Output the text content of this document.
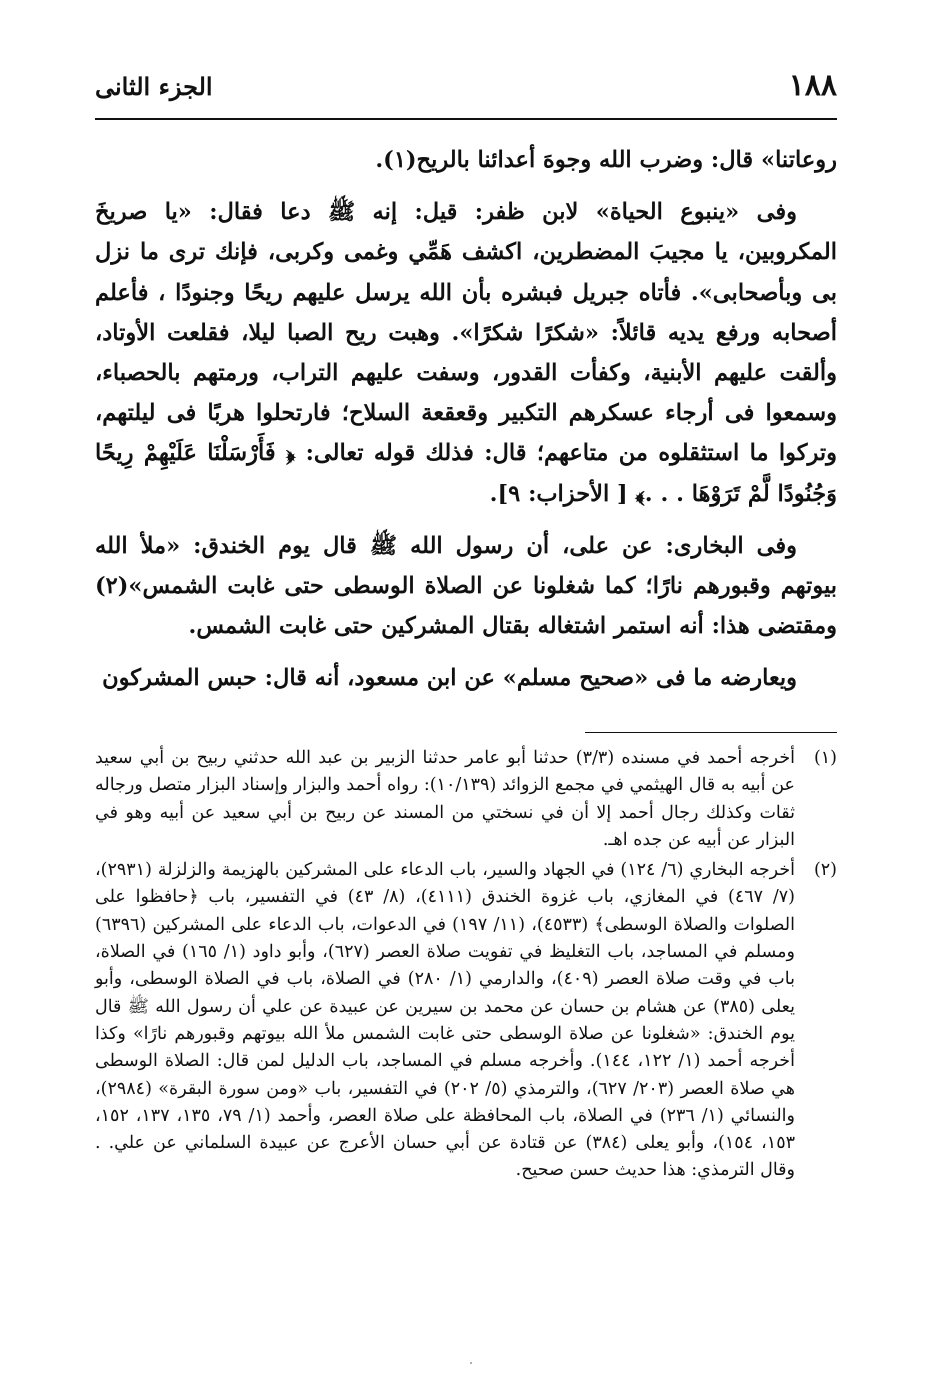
١٨٨
الجزء الثانى

روعاتنا» قال: وضرب الله وجوهَ أعدائنا بالريح(١).

وفى «ينبوع الحياة» لابن ظفر: قيل: إنه ﷺ دعا فقال: «يا صريخَ المكروبين، يا مجيبَ المضطرين، اكشف هَمِّي وغمى وكربى، فإنك ترى ما نزل بى وبأصحابى». فأتاه جبريل فبشره بأن الله يرسل عليهم ريحًا وجنودًا ، فأعلم أصحابه ورفع يديه قائلاً: «شكرًا شكرًا». وهبت ريح الصبا ليلا، فقلعت الأوتاد، وألقت عليهم الأبنية، وكفأت القدور، وسفت عليهم التراب، ورمتهم بالحصباء، وسمعوا فى أرجاء عسكرهم التكبير وقعقعة السلاح؛ فارتحلوا هربًا فى ليلتهم، وتركوا ما استثقلوه من متاعهم؛ قال: فذلك قوله تعالى: ﴿ فَأَرْسَلْنَا عَلَيْهِمْ رِيحًا وَجُنُودًا لَّمْ تَرَوْهَا . . .﴾ [ الأحزاب: ٩].

وفى البخارى: عن على، أن رسول الله ﷺ قال يوم الخندق: «ملأ الله بيوتهم وقبورهم نارًا؛ كما شغلونا عن الصلاة الوسطى حتى غابت الشمس»(٢) ومقتضى هذا: أنه استمر اشتغاله بقتال المشركين حتى غابت الشمس.

ويعارضه ما فى «صحيح مسلم» عن ابن مسعود، أنه قال: حبس المشركون

(١)
أخرجه أحمد في مسنده (٣/٣) حدثنا أبو عامر حدثنا الزبير بن عبد الله حدثني ربيح بن أبي سعيد عن أبيه به قال الهيثمي في مجمع الزوائد (١٠/١٣٩): رواه أحمد والبزار وإسناد البزار متصل ورجاله ثقات وكذلك رجال أحمد إلا أن في نسختي من المسند عن ربيح بن أبي سعيد عن أبيه وهو في البزار عن أبيه عن جده اهـ.
(٢)
أخرجه البخاري (٦/ ١٢٤) في الجهاد والسير، باب الدعاء على المشركين بالهزيمة والزلزلة (٢٩٣١)، (٧/ ٤٦٧) في المغازي، باب غزوة الخندق (٤١١١)، (٨/ ٤٣) في التفسير، باب ﴿حافظوا على الصلوات والصلاة الوسطى﴾ (٤٥٣٣)، (١١/ ١٩٧) في الدعوات، باب الدعاء على المشركين (٦٣٩٦) ومسلم في المساجد، باب التغليظ في تفويت صلاة العصر (٦٢٧)، وأبو داود (١/ ١٦٥) في الصلاة، باب في وقت صلاة العصر (٤٠٩)، والدارمي (١/ ٢٨٠) في الصلاة، باب في الصلاة الوسطى، وأبو يعلى (٣٨٥) عن هشام بن حسان عن محمد بن سيرين عن عبيدة عن علي أن رسول الله ﷺ قال يوم الخندق: «شغلونا عن صلاة الوسطى حتى غابت الشمس ملأ الله بيوتهم وقبورهم نارًا» وكذا أخرجه أحمد (١/ ١٢٢، ١٤٤). وأخرجه مسلم في المساجد، باب الدليل لمن قال: الصلاة الوسطى هي صلاة العصر (٢٠٣/ ٦٢٧)، والترمذي (٥/ ٢٠٢) في التفسير، باب «ومن سورة البقرة» (٢٩٨٤)، والنسائي (١/ ٢٣٦) في الصلاة، باب المحافظة على صلاة العصر، وأحمد (١/ ٧٩، ١٣٥، ١٣٧، ١٥٢، ١٥٣، ١٥٤)، وأبو يعلى (٣٨٤) عن قتادة عن أبي حسان الأعرج عن عبيدة السلماني عن علي. . وقال الترمذي: هذا حديث حسن صحيح.
